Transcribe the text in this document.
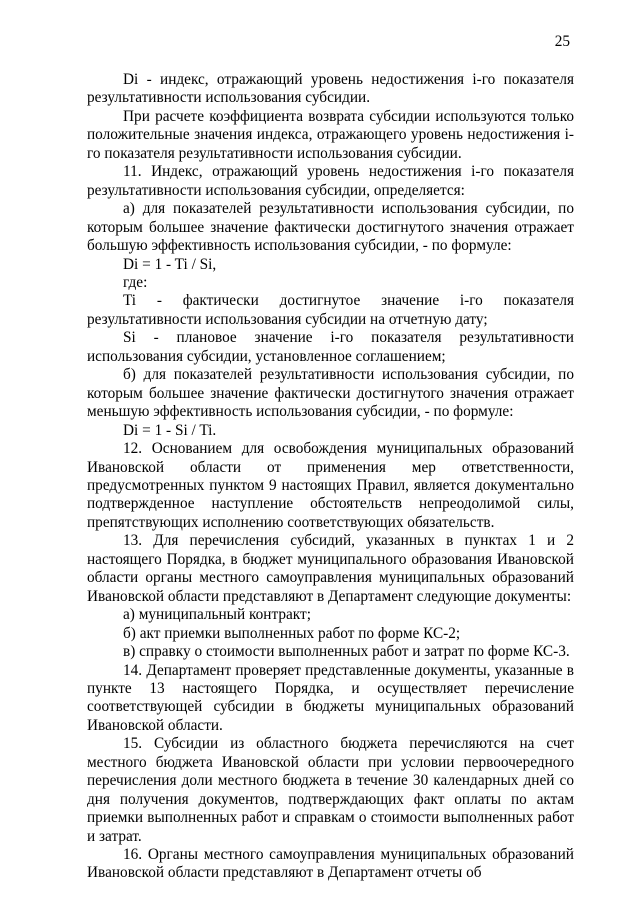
25

Di - индекс, отражающий уровень недостижения i-го показателя результативности использования субсидии.

При расчете коэффициента возврата субсидии используются только положительные значения индекса, отражающего уровень недостижения i-го показателя результативности использования субсидии.

11. Индекс, отражающий уровень недостижения i-го показателя результативности использования субсидии, определяется:

а) для показателей результативности использования субсидии, по которым большее значение фактически достигнутого значения отражает большую эффективность использования субсидии, - по формуле:

Di = 1 - Ti / Si,

где:

Ti - фактически достигнутое значение i-го показателя результативности использования субсидии на отчетную дату;

Si - плановое значение i-го показателя результативности использования субсидии, установленное соглашением;

б) для показателей результативности использования субсидии, по которым большее значение фактически достигнутого значения отражает меньшую эффективность использования субсидии, - по формуле:

Di = 1 - Si / Ti.

12. Основанием для освобождения муниципальных образований Ивановской области от применения мер ответственности, предусмотренных пунктом 9 настоящих Правил, является документально подтвержденное наступление обстоятельств непреодолимой силы, препятствующих исполнению соответствующих обязательств.

13. Для перечисления субсидий, указанных в пунктах 1 и 2 настоящего Порядка, в бюджет муниципального образования Ивановской области органы местного самоуправления муниципальных образований Ивановской области представляют в Департамент следующие документы:

а) муниципальный контракт;

б) акт приемки выполненных работ по форме КС-2;

в) справку о стоимости выполненных работ и затрат по форме КС-3.

14. Департамент проверяет представленные документы, указанные в пункте 13 настоящего Порядка, и осуществляет перечисление соответствующей субсидии в бюджеты муниципальных образований Ивановской области.

15. Субсидии из областного бюджета перечисляются на счет местного бюджета Ивановской области при условии первоочередного перечисления доли местного бюджета в течение 30 календарных дней со дня получения документов, подтверждающих факт оплаты по актам приемки выполненных работ и справкам о стоимости выполненных работ и затрат.

16. Органы местного самоуправления муниципальных образований Ивановской области представляют в Департамент отчеты об
